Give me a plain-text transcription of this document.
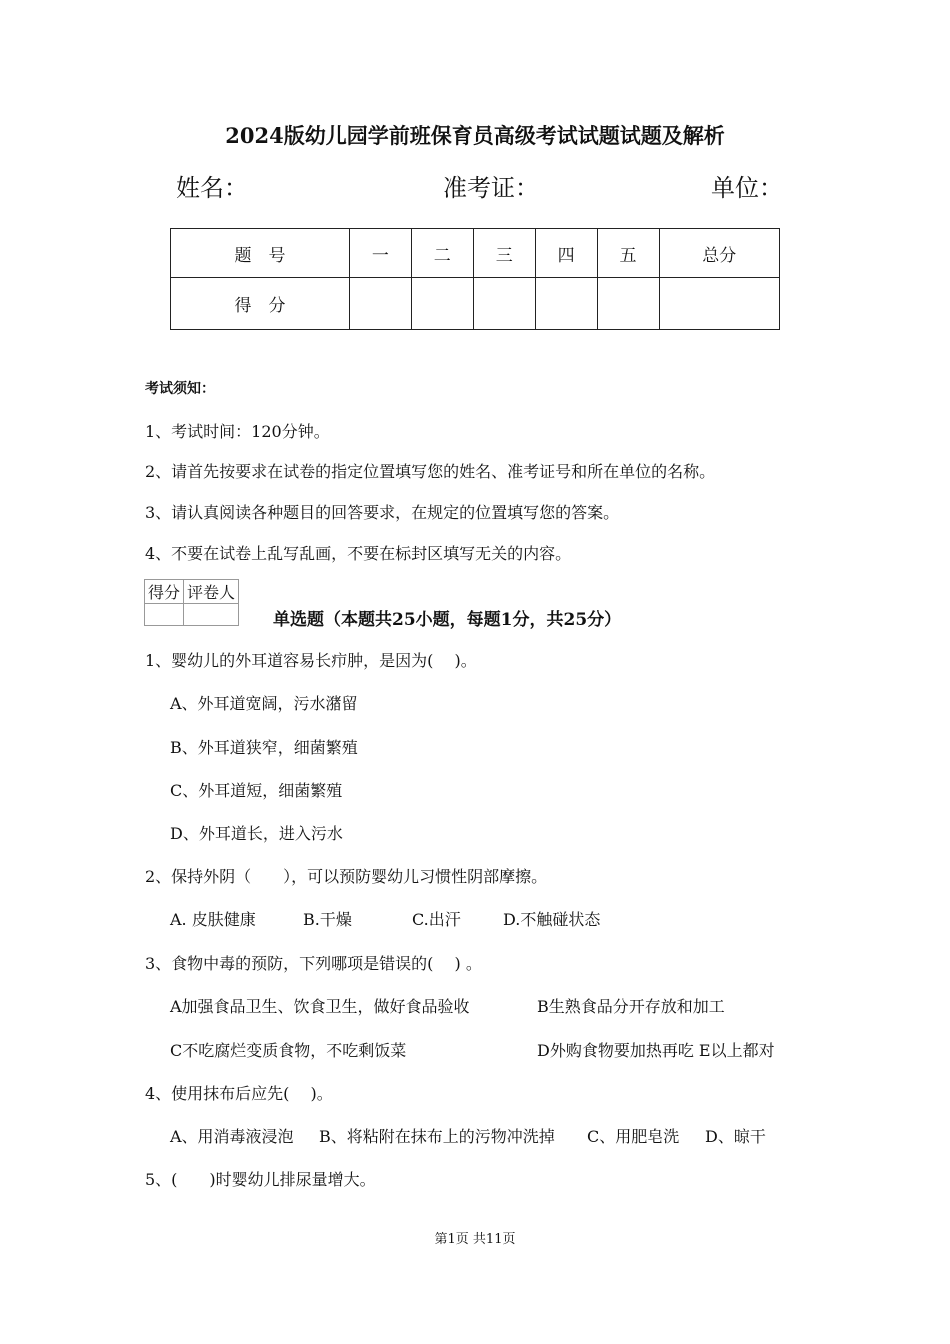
2024版幼儿园学前班保育员高级考试试题试题及解析
姓名：	准考证：	单位：
题　号	一	二	三	四	五	总分
得　分						
考试须知：
1、考试时间：120分钟。
2、请首先按要求在试卷的指定位置填写您的姓名、准考证号和所在单位的名称。
3、请认真阅读各种题目的回答要求，在规定的位置填写您的答案。
4、不要在试卷上乱写乱画，不要在标封区填写无关的内容。
得分	评卷人

单选题（本题共25小题，每题1分，共25分）
1、婴幼儿的外耳道容易长疖肿，是因为(　 )。
A、外耳道宽阔，污水潴留
B、外耳道狭窄，细菌繁殖
C、外耳道短，细菌繁殖
D、外耳道长，进入污水
2、保持外阴（　　），可以预防婴幼儿习惯性阴部摩擦。
A. 皮肤健康	B.干燥	C.出汗	D.不触碰状态
3、食物中毒的预防，下列哪项是错误的(　 ) 。
A加强食品卫生、饮食卫生，做好食品验收	B生熟食品分开存放和加工
C不吃腐烂变质食物，不吃剩饭菜	D外购食物要加热再吃 E以上都对
4、使用抹布后应先(　 )。
A、用消毒液浸泡 B、将粘附在抹布上的污物冲洗掉 C、用肥皂洗 D、晾干
5、(　　)时婴幼儿排尿量增大。
第1页 共11页
